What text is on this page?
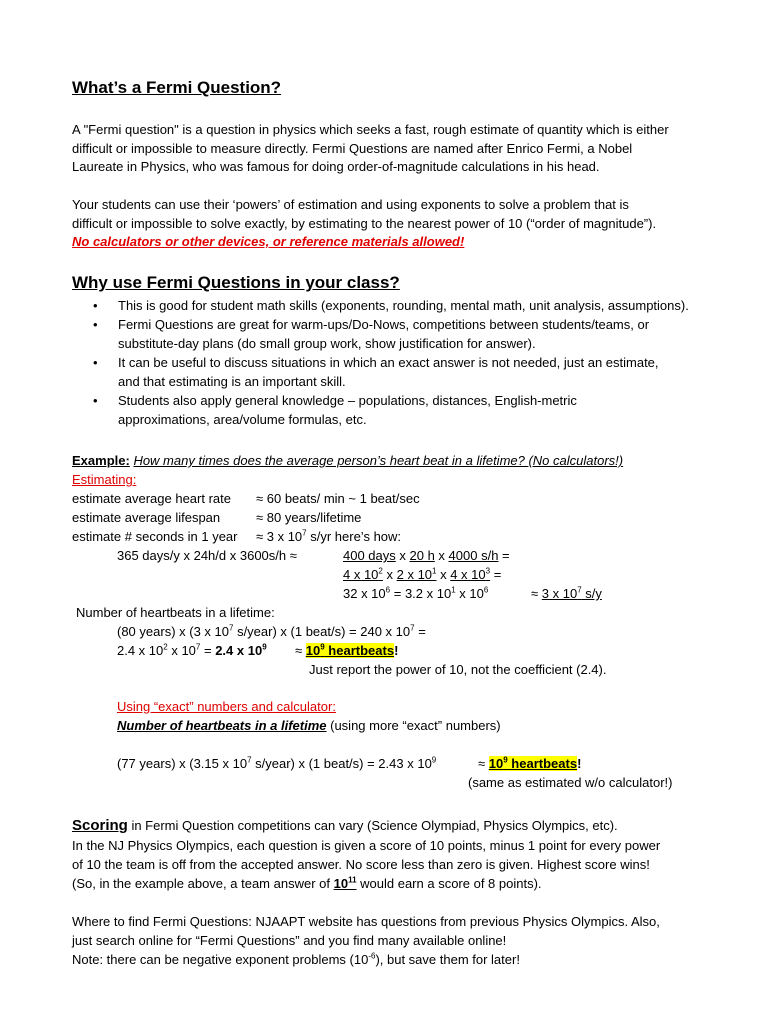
What’s a Fermi Question?
A "Fermi question" is a question in physics which seeks a fast, rough estimate of quantity which is either
difficult or impossible to measure directly. Fermi Questions are named after Enrico Fermi, a Nobel
Laureate in Physics, who was famous for doing order-of-magnitude calculations in his head.
Your students can use their ‘powers’ of estimation and using exponents to solve a problem that is
difficult or impossible to solve exactly, by estimating to the nearest power of 10 (“order of magnitude”).
No calculators or other devices, or reference materials allowed!
Why use Fermi Questions in your class?
• This is good for student math skills (exponents, rounding, mental math, unit analysis, assumptions).
• Fermi Questions are great for warm-ups/Do-Nows, competitions between students/teams, or
substitute-day plans (do small group work, show justification for answer).
• It can be useful to discuss situations in which an exact answer is not needed, just an estimate,
and that estimating is an important skill.
• Students also apply general knowledge – populations, distances, English-metric
approximations, area/volume formulas, etc.
Example: How many times does the average person’s heart beat in a lifetime? (No calculators!)
Estimating:
estimate average heart rate ≈ 60 beats/ min ~ 1 beat/sec
estimate average lifespan	≈ 80 years/lifetime
estimate # seconds in 1 year ≈ 3 x $10^7$ s/yr here’s how:
365 days/y x 24h/d x 3600s/h ≈	400 days x 20 h x 4000 s/h =
4 x $10^2$ x 2 x $10^1$ x 4 x $10^3$ =
32 x $10^6 = 3.2$ x $10^1$ x $10^6$	≈ 3 x $10^7$ s/y
Number of heartbeats in a lifetime:
(80 years) x (3 x $10^7$ s/year) x (1 beat/s) = 240 x $10^7$ =
2.4 x $10^2$ x $10^7 = 2.4$ x $10^9 \approx 10^9$ heartbeats!
Just report the power of 10, not the coefficient (2.4).
Using “exact” numbers and calculator:
Number of heartbeats in a lifetime (using more “exact” numbers)
(77 years) x (3.15 x $10^7$ s/year) x (1 beat/s) = 2.43 x $10^9$	≈ $10^9$ heartbeats!
(same as estimated w/o calculator!)
Scoring in Fermi Question competitions can vary (Science Olympiad, Physics Olympics, etc).
In the NJ Physics Olympics, each question is given a score of 10 points, minus 1 point for every power
of 10 the team is off from the accepted answer. No score less than zero is given. Highest score wins!
(So, in the example above, a team answer of $10^{11}$ would earn a score of 8 points).
Where to find Fermi Questions: NJAAPT website has questions from previous Physics Olympics. Also,
just search online for “Fermi Questions” and you find many available online!
Note: there can be negative exponent problems $(10^{-6})$, but save them for later!
